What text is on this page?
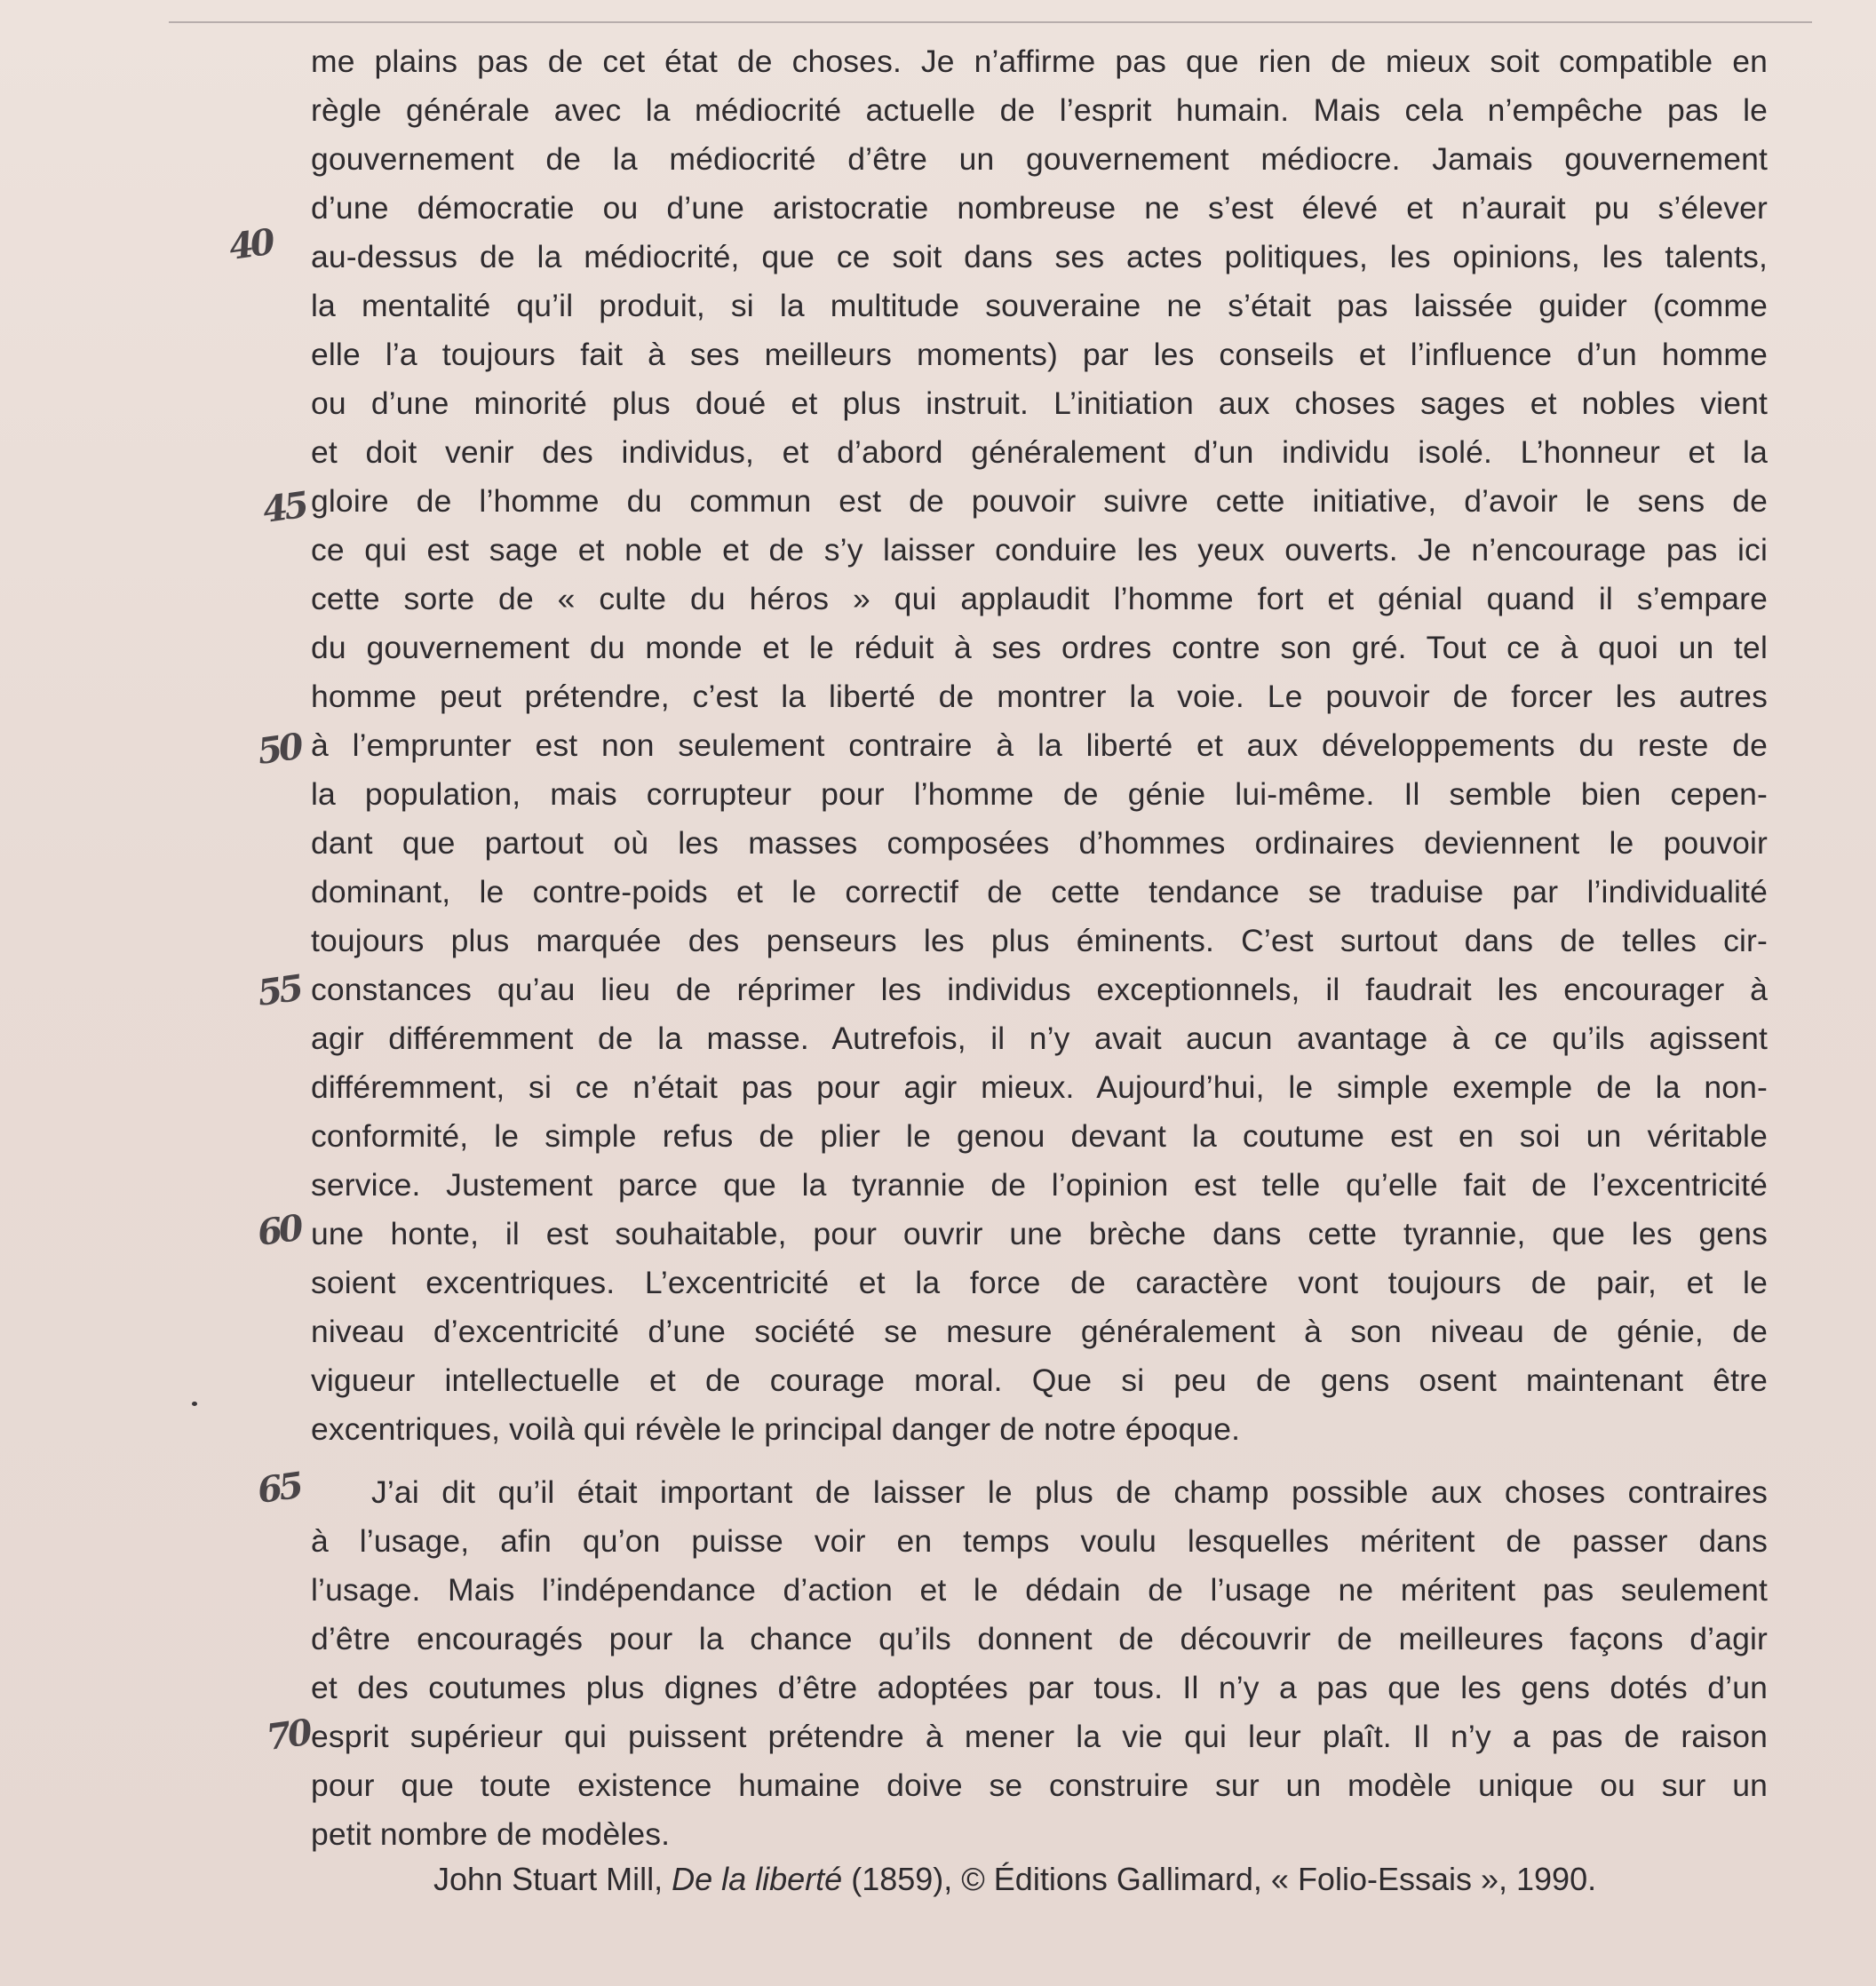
me plains pas de cet état de choses. Je n’affirme pas que rien de mieux soit compatible en
règle générale avec la médiocrité actuelle de l’esprit humain. Mais cela n’empêche pas le
gouvernement de la médiocrité d’être un gouvernement médiocre. Jamais gouvernement
d’une démocratie ou d’une aristocratie nombreuse ne s’est élevé et n’aurait pu s’élever
au-dessus de la médiocrité, que ce soit dans ses actes politiques, les opinions, les talents,
la mentalité qu’il produit, si la multitude souveraine ne s’était pas laissée guider (comme
elle l’a toujours fait à ses meilleurs moments) par les conseils et l’influence d’un homme
ou d’une minorité plus doué et plus instruit. L’initiation aux choses sages et nobles vient
et doit venir des individus, et d’abord généralement d’un individu isolé. L’honneur et la
gloire de l’homme du commun est de pouvoir suivre cette initiative, d’avoir le sens de
ce qui est sage et noble et de s’y laisser conduire les yeux ouverts. Je n’encourage pas ici
cette sorte de « culte du héros » qui applaudit l’homme fort et génial quand il s’empare
du gouvernement du monde et le réduit à ses ordres contre son gré. Tout ce à quoi un tel
homme peut prétendre, c’est la liberté de montrer la voie. Le pouvoir de forcer les autres
à l’emprunter est non seulement contraire à la liberté et aux développements du reste de
la population, mais corrupteur pour l’homme de génie lui-même. Il semble bien cepen-
dant que partout où les masses composées d’hommes ordinaires deviennent le pouvoir
dominant, le contre-poids et le correctif de cette tendance se traduise par l’individualité
toujours plus marquée des penseurs les plus éminents. C’est surtout dans de telles cir-
constances qu’au lieu de réprimer les individus exceptionnels, il faudrait les encourager à
agir différemment de la masse. Autrefois, il n’y avait aucun avantage à ce qu’ils agissent
différemment, si ce n’était pas pour agir mieux. Aujourd’hui, le simple exemple de la non-
conformité, le simple refus de plier le genou devant la coutume est en soi un véritable
service. Justement parce que la tyrannie de l’opinion est telle qu’elle fait de l’excentricité
une honte, il est souhaitable, pour ouvrir une brèche dans cette tyrannie, que les gens
soient excentriques. L’excentricité et la force de caractère vont toujours de pair, et le
niveau d’excentricité d’une société se mesure généralement à son niveau de génie, de
vigueur intellectuelle et de courage moral. Que si peu de gens osent maintenant être
excentriques, voilà qui révèle le principal danger de notre époque.
J’ai dit qu’il était important de laisser le plus de champ possible aux choses contraires
à l’usage, afin qu’on puisse voir en temps voulu lesquelles méritent de passer dans
l’usage. Mais l’indépendance d’action et le dédain de l’usage ne méritent pas seulement
d’être encouragés pour la chance qu’ils donnent de découvrir de meilleures façons d’agir
et des coutumes plus dignes d’être adoptées par tous. Il n’y a pas que les gens dotés d’un
esprit supérieur qui puissent prétendre à mener la vie qui leur plaît. Il n’y a pas de raison
pour que toute existence humaine doive se construire sur un modèle unique ou sur un
petit nombre de modèles.
John Stuart Mill, De la liberté (1859), © Éditions Gallimard, « Folio-Essais », 1990.
40
45
50
55
60
65
70
